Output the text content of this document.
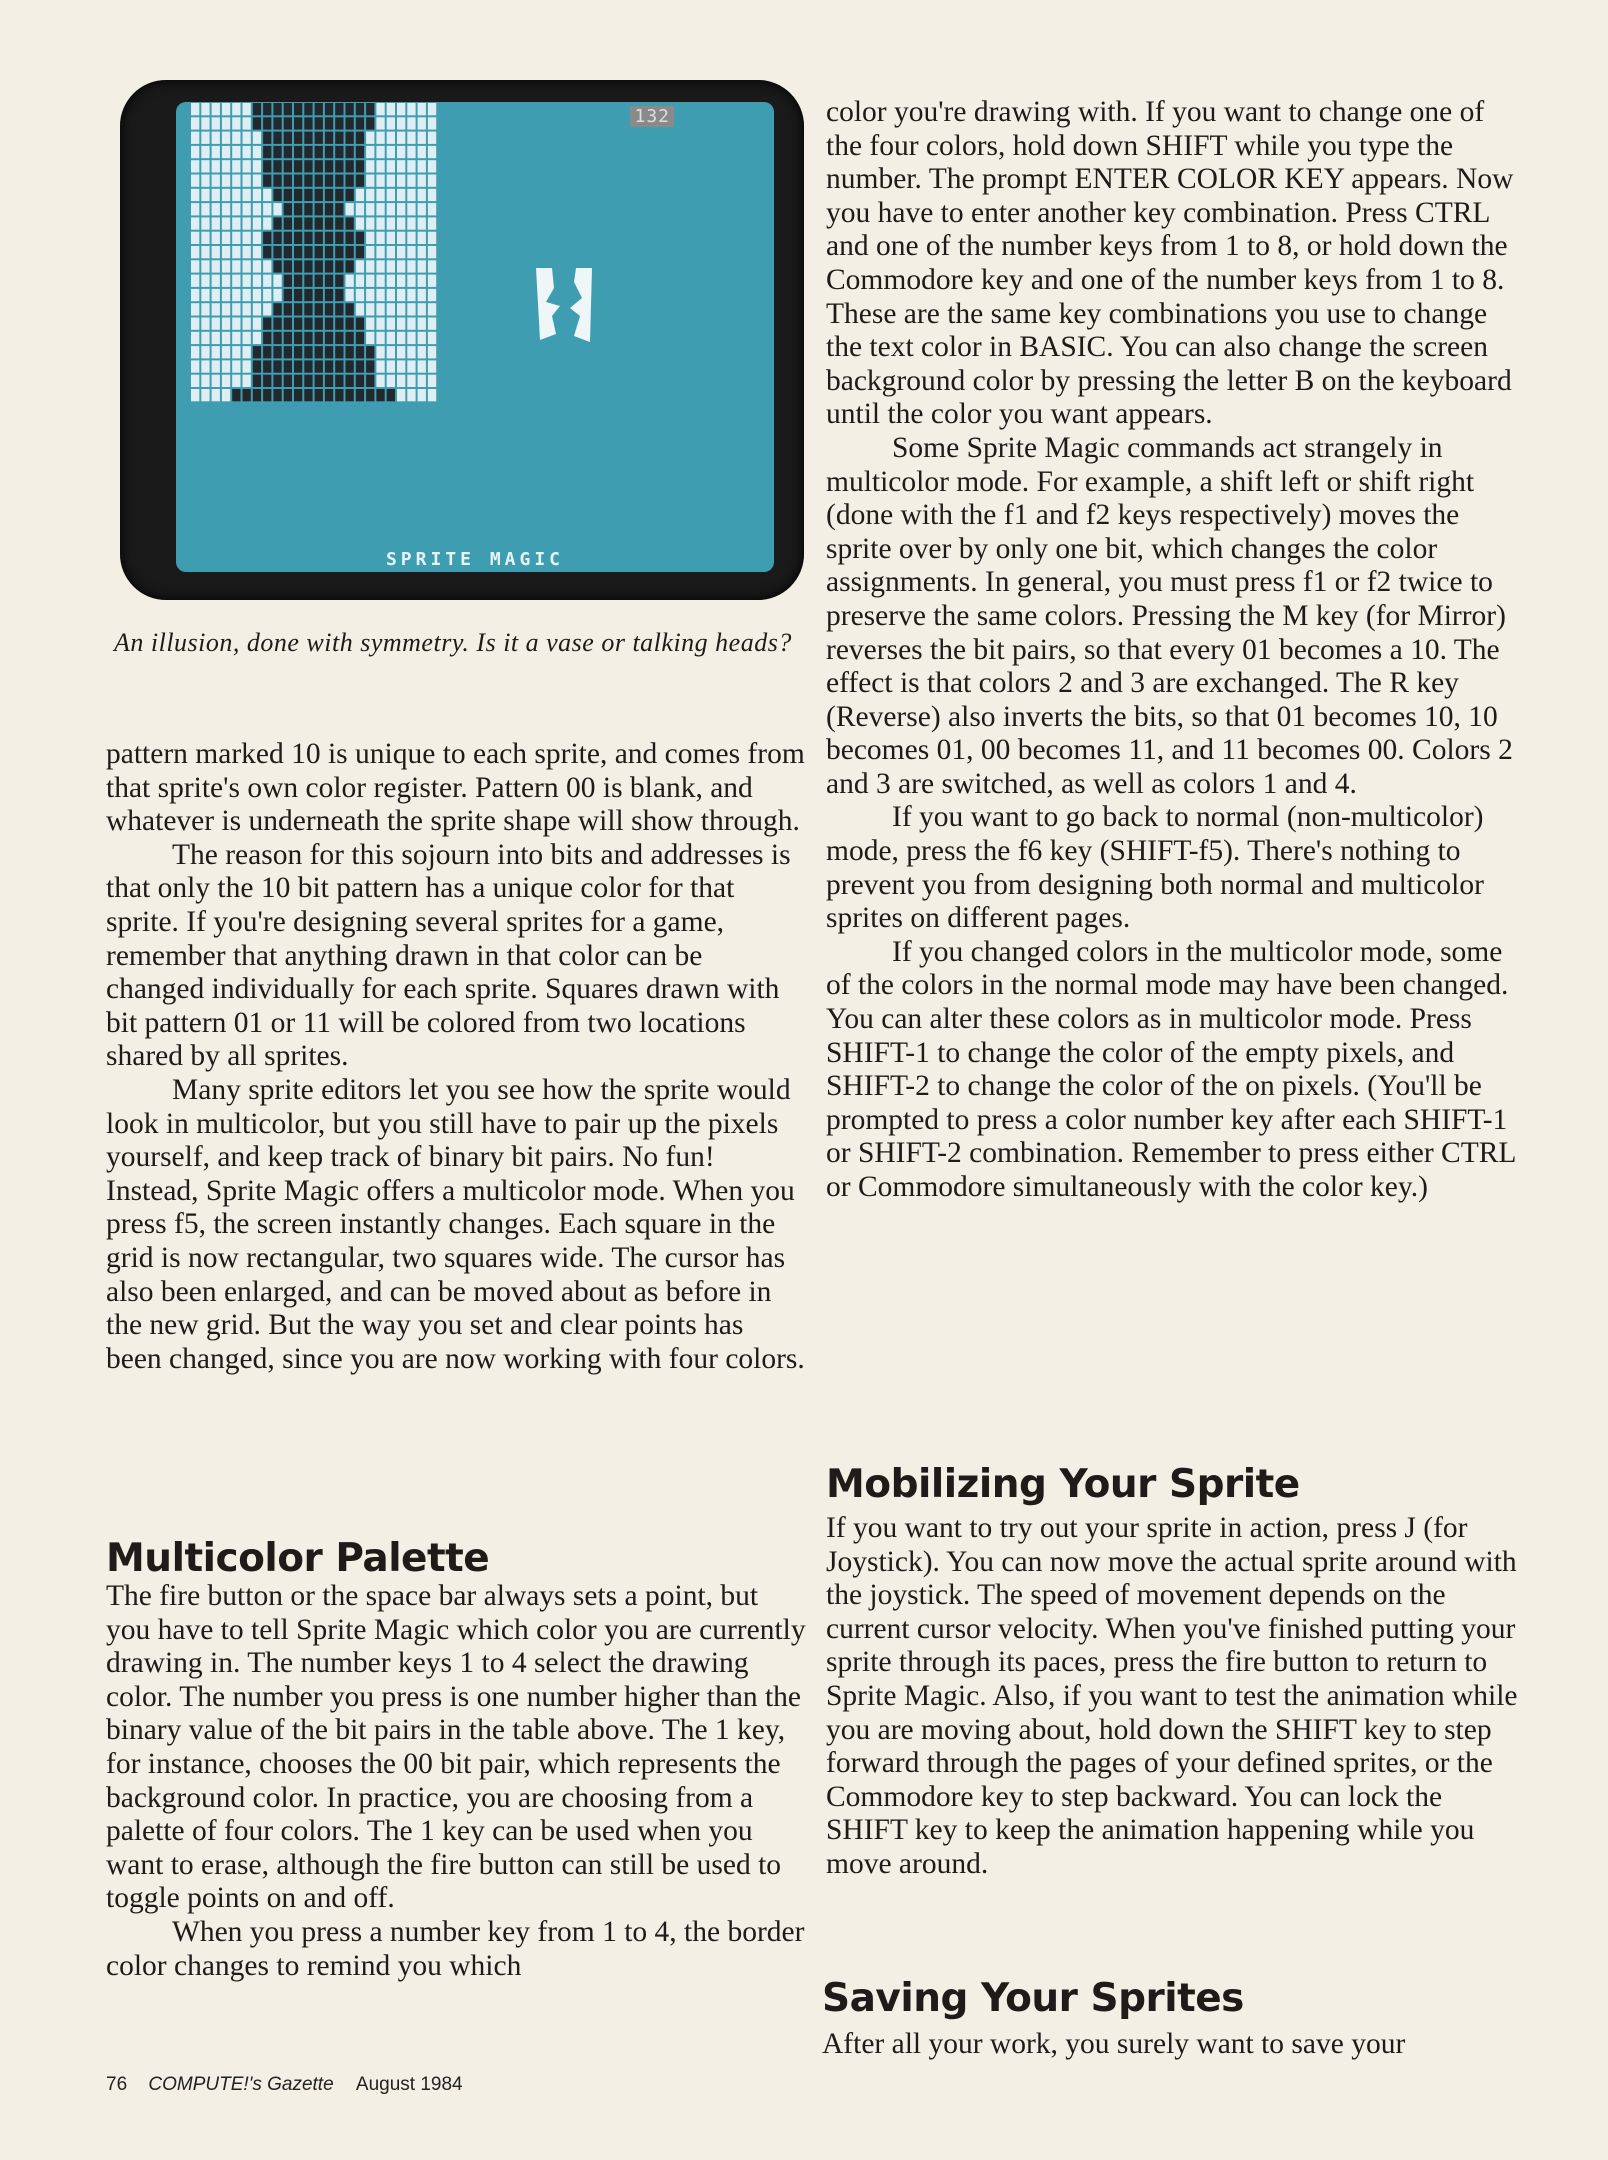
132
SPRITE MAGIC
An illusion, done with symmetry. Is it a vase or talking heads?

pattern marked 10 is unique to each sprite, and comes from that sprite's own color register. Pattern 00 is blank, and whatever is underneath the sprite shape will show through.

The reason for this sojourn into bits and addresses is that only the 10 bit pattern has a unique color for that sprite. If you're designing several sprites for a game, remember that anything drawn in that color can be changed individually for each sprite. Squares drawn with bit pattern 01 or 11 will be colored from two locations shared by all sprites.

Many sprite editors let you see how the sprite would look in multicolor, but you still have to pair up the pixels yourself, and keep track of binary bit pairs. No fun! Instead, Sprite Magic offers a multicolor mode. When you press f5, the screen instantly changes. Each square in the grid is now rectangular, two squares wide. The cursor has also been enlarged, and can be moved about as before in the new grid. But the way you set and clear points has been changed, since you are now working with four colors.

Multicolor Palette

The fire button or the space bar always sets a point, but you have to tell Sprite Magic which color you are currently drawing in. The number keys 1 to 4 select the drawing color. The number you press is one number higher than the binary value of the bit pairs in the table above. The 1 key, for instance, chooses the 00 bit pair, which represents the background color. In practice, you are choosing from a palette of four colors. The 1 key can be used when you want to erase, although the fire button can still be used to toggle points on and off.

When you press a number key from 1 to 4, the border color changes to remind you which

color you're drawing with. If you want to change one of the four colors, hold down SHIFT while you type the number. The prompt ENTER COLOR KEY appears. Now you have to enter another key combination. Press CTRL and one of the number keys from 1 to 8, or hold down the Commodore key and one of the number keys from 1 to 8. These are the same key combinations you use to change the text color in BASIC. You can also change the screen background color by pressing the letter B on the keyboard until the color you want appears.

Some Sprite Magic commands act strangely in multicolor mode. For example, a shift left or shift right (done with the f1 and f2 keys respectively) moves the sprite over by only one bit, which changes the color assignments. In general, you must press f1 or f2 twice to preserve the same colors. Pressing the M key (for Mirror) reverses the bit pairs, so that every 01 becomes a 10. The effect is that colors 2 and 3 are exchanged. The R key (Reverse) also inverts the bits, so that 01 becomes 10, 10 becomes 01, 00 becomes 11, and 11 becomes 00. Colors 2 and 3 are switched, as well as colors 1 and 4.

If you want to go back to normal (non-multicolor) mode, press the f6 key (SHIFT-f5). There's nothing to prevent you from designing both normal and multicolor sprites on different pages.

If you changed colors in the multicolor mode, some of the colors in the normal mode may have been changed. You can alter these colors as in multicolor mode. Press SHIFT-1 to change the color of the empty pixels, and SHIFT-2 to change the color of the on pixels. (You'll be prompted to press a color number key after each SHIFT-1 or SHIFT-2 combination. Remember to press either CTRL or Commodore simultaneously with the color key.)

Mobilizing Your Sprite

If you want to try out your sprite in action, press J (for Joystick). You can now move the actual sprite around with the joystick. The speed of movement depends on the current cursor velocity. When you've finished putting your sprite through its paces, press the fire button to return to Sprite Magic. Also, if you want to test the animation while you are moving about, hold down the SHIFT key to step forward through the pages of your defined sprites, or the Commodore key to step backward. You can lock the SHIFT key to keep the animation happening while you move around.

Saving Your Sprites

After all your work, you surely want to save your

76 COMPUTE!'s Gazette August 1984
